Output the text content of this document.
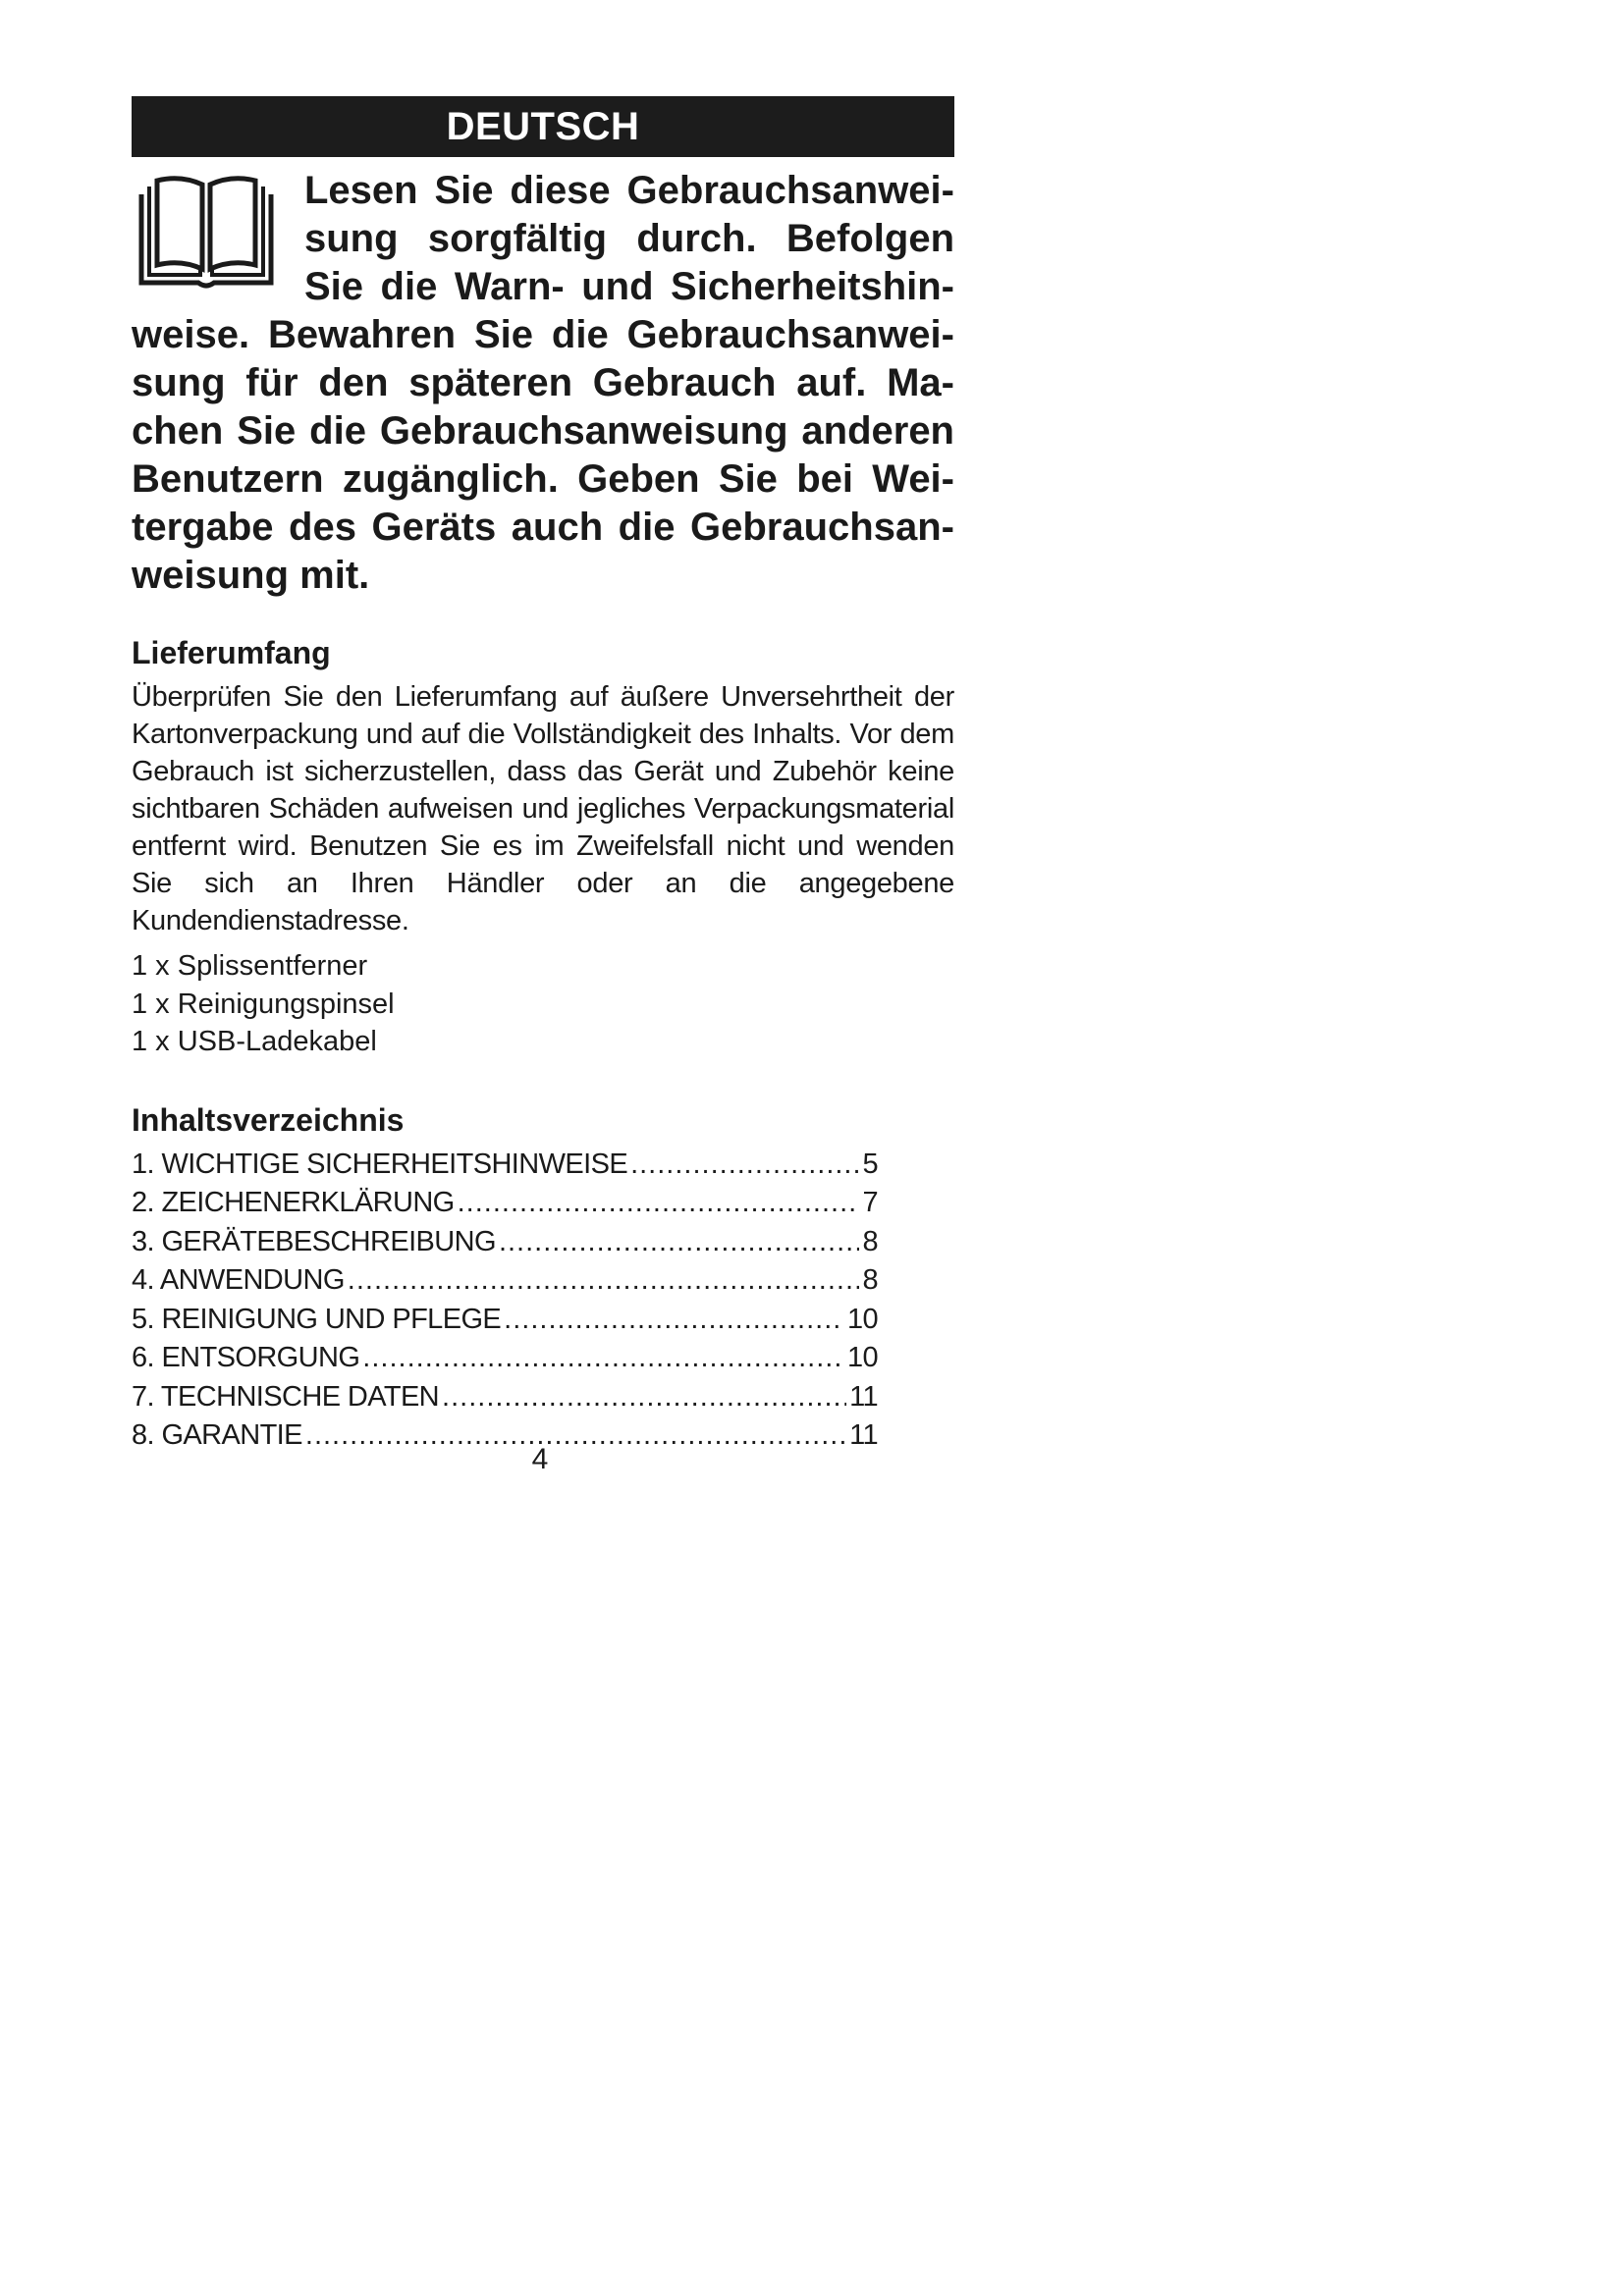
DEUTSCH
Lesen Sie diese Gebrauchsanweisung sorgfältig durch. Befolgen Sie die Warn- und Sicherheitshinweise. Bewahren Sie die Gebrauchsanweisung für den späteren Gebrauch auf. Machen Sie die Gebrauchsanweisung anderen Benutzern zugänglich. Geben Sie bei Weitergabe des Geräts auch die Gebrauchsanweisung mit.
Lieferumfang
Überprüfen Sie den Lieferumfang auf äußere Unversehrtheit der Kartonverpackung und auf die Vollständigkeit des Inhalts. Vor dem Gebrauch ist sicherzustellen, dass das Gerät und Zubehör keine sichtbaren Schäden aufweisen und jegliches Verpackungsmaterial entfernt wird. Benutzen Sie es im Zweifelsfall nicht und wenden Sie sich an Ihren Händler oder an die angegebene Kundendienstadresse.
1 x Splissentferner
1 x Reinigungspinsel
1 x USB-Ladekabel
Inhaltsverzeichnis
1. WICHTIGE SICHERHEITSHINWEISE .....	5
2. ZEICHENERKLÄRUNG .....	7
3. GERÄTEBESCHREIBUNG .....	8
4. ANWENDUNG .....	8
5. REINIGUNG UND PFLEGE .....	10
6. ENTSORGUNG .....	10
7. TECHNISCHE DATEN .....	11
8. GARANTIE .....	11
4
